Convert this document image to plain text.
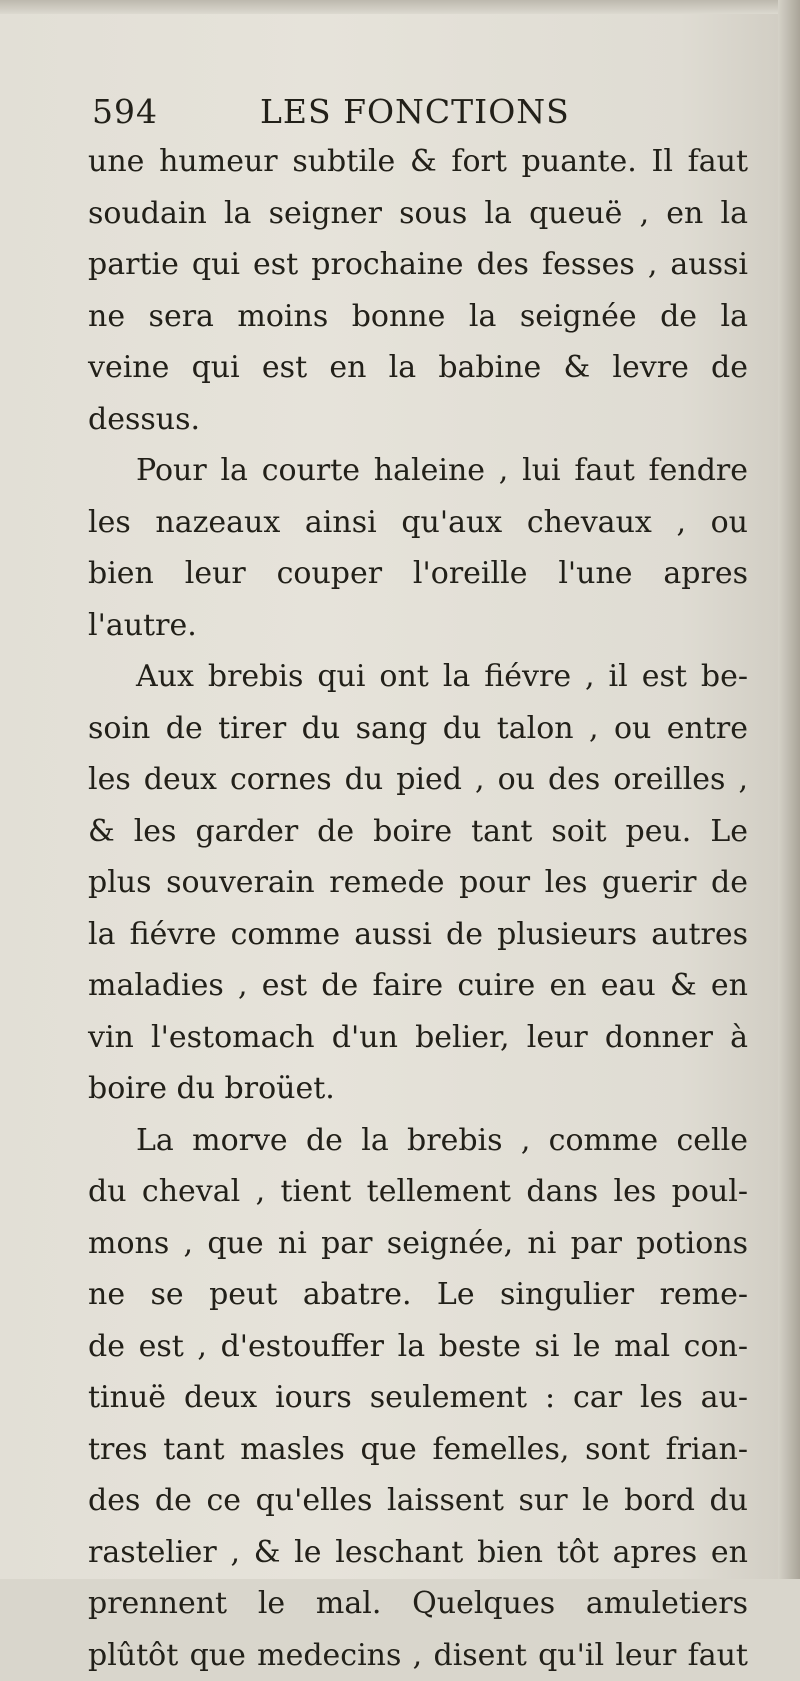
594	LES FONCTIONS
une humeur subtile & fort puante. Il faut
soudain la seigner sous la queuë , en la
partie qui est prochaine des fesses , aussi
ne sera moins bonne la seignée de la
veine qui est en la babine & levre de
dessus.
Pour la courte haleine , lui faut fendre
les nazeaux ainsi qu'aux chevaux , ou
bien leur couper l'oreille l'une apres
l'autre.
Aux brebis qui ont la fiévre , il est be-
soin de tirer du sang du talon , ou entre
les deux cornes du pied , ou des oreilles ,
& les garder de boire tant soit peu. Le
plus souverain remede pour les guerir de
la fiévre comme aussi de plusieurs autres
maladies , est de faire cuire en eau & en
vin l'estomach d'un belier, leur donner à
boire du broüet.
La morve de la brebis , comme celle
du cheval , tient tellement dans les poul-
mons , que ni par seignée, ni par potions
ne se peut abatre. Le singulier reme-
de est , d'estouffer la beste si le mal con-
tinuë deux iours seulement : car les au-
tres tant masles que femelles, sont frian-
des de ce qu'elles laissent sur le bord du
rastelier , & le leschant bien tôt apres en
prennent le mal. Quelques amuletiers
plûtôt que medecins , disent qu'il leur faut
